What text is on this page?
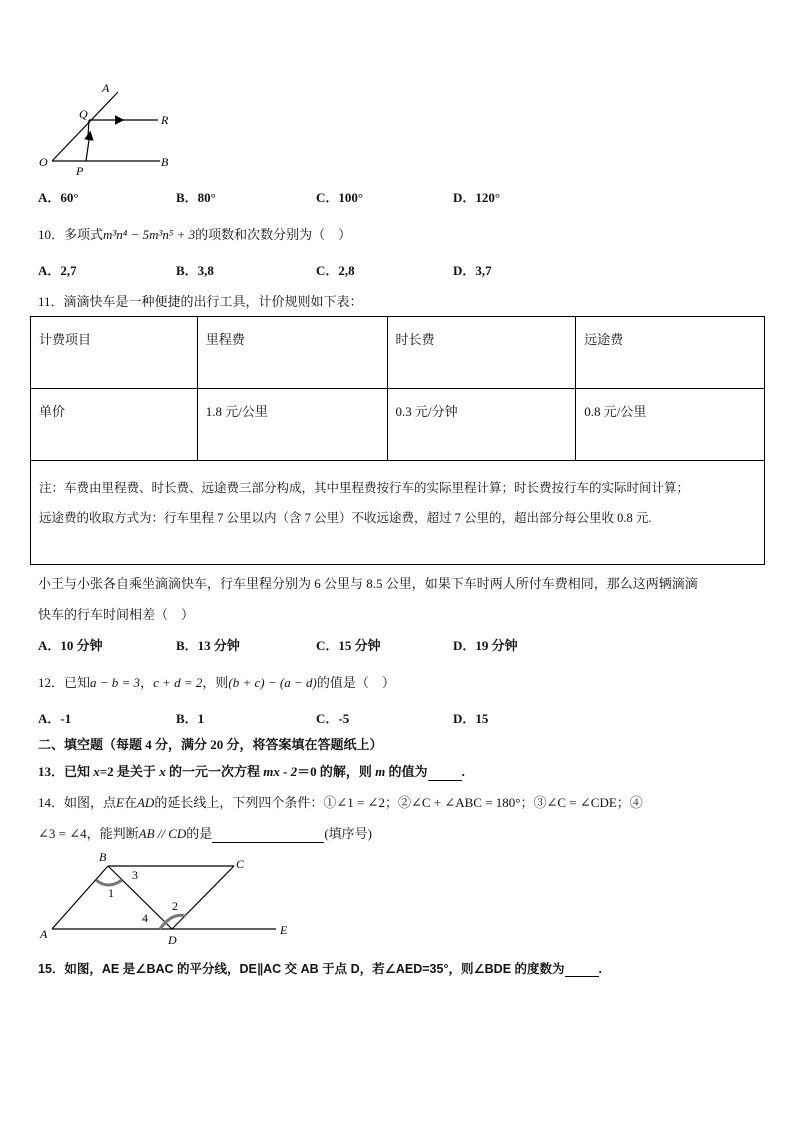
A
Q	R
O
P
B
A．60°	B．80°	C．100°	D．120°
10．多项式m³n⁴ − 5m³n⁵ + 3的项数和次数分别为（　）
A．2,7	B．3,8	C．2,8	D．3,7
11．滴滴快车是一种便捷的出行工具，计价规则如下表：
计费项目	里程费	时长费	远途费
单价	1.8 元/公里	0.3 元/分钟	0.8 元/公里

注：车费由里程费、时长费、远途费三部分构成，其中里程费按行车的实际里程计算；时长费按行车的实际时间计算；
远途费的收取方式为：行车里程 7 公里以内（含 7 公里）不收远途费，超过 7 公里的，超出部分每公里收 0.8 元.			
小王与小张各自乘坐滴滴快车，行车里程分别为 6 公里与 8.5 公里，如果下车时两人所付车费相同，那么这两辆滴滴
快车的行车时间相差（　）
A．10 分钟	B．13 分钟	C．15 分钟	D．19 分钟
12．已知a − b = 3，c + d = 2，则(b + c) − (a − d)的值是（　）
A．-1	B．1	C．-5	D．15
二、填空题（每题 4 分，满分 20 分，将答案填在答题纸上）
13．已知 x=2 是关于 x 的一元一次方程 mx - 2＝0 的解，则 m 的值为	.
14．如图，点E在AD的延长线上，下列四个条件：①∠1 = ∠2；②∠C + ∠ABC = 180°；③∠C = ∠CDE；④
∠3 = ∠4，能判断AB // CD的是	(填序号)
B	C
A	D
E
1
3
4
2
15．如图，AE 是∠BAC 的平分线，DE∥AC 交 AB 于点 D，若∠AED=35°，则∠BDE 的度数为	.
